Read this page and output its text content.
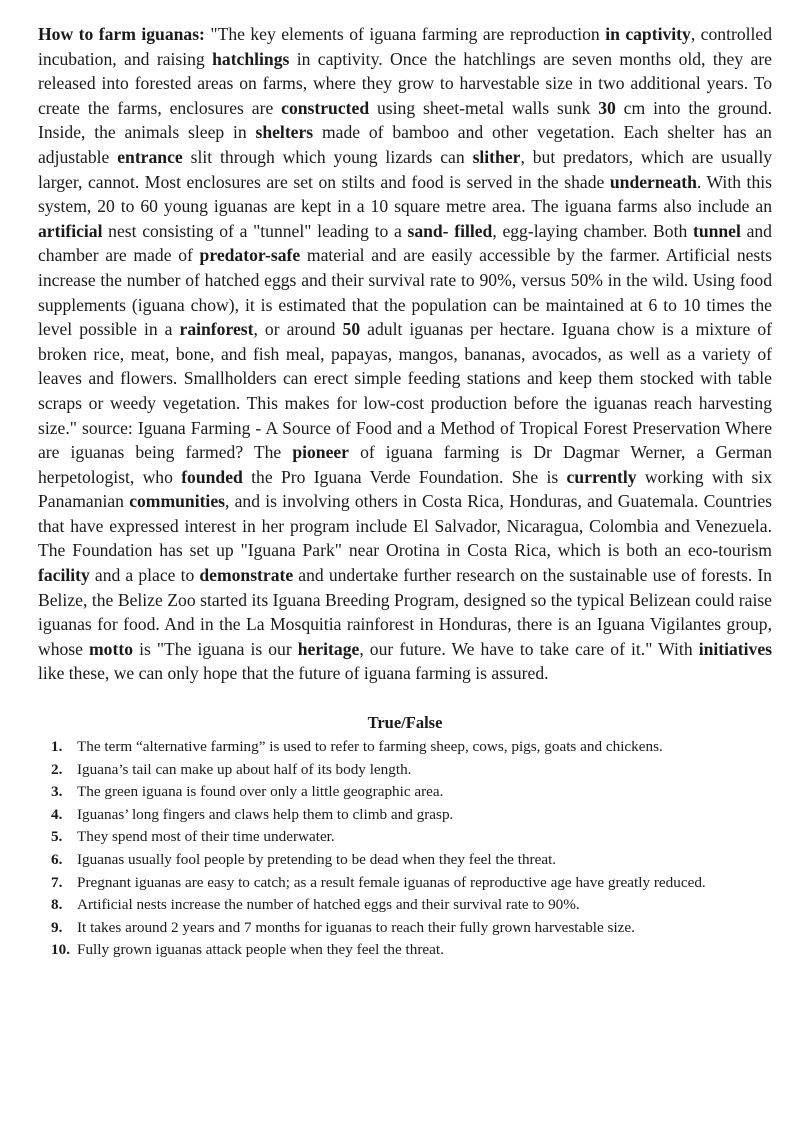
How to farm iguanas: "The key elements of iguana farming are reproduction in captivity, controlled incubation, and raising hatchlings in captivity. Once the hatchlings are seven months old, they are released into forested areas on farms, where they grow to harvestable size in two additional years. To create the farms, enclosures are constructed using sheet-metal walls sunk 30 cm into the ground. Inside, the animals sleep in shelters made of bamboo and other vegetation. Each shelter has an adjustable entrance slit through which young lizards can slither, but predators, which are usually larger, cannot. Most enclosures are set on stilts and food is served in the shade underneath. With this system, 20 to 60 young iguanas are kept in a 10 square metre area. The iguana farms also include an artificial nest consisting of a "tunnel" leading to a sand- filled, egg-laying chamber. Both tunnel and chamber are made of predator-safe material and are easily accessible by the farmer. Artificial nests increase the number of hatched eggs and their survival rate to 90%, versus 50% in the wild. Using food supplements (iguana chow), it is estimated that the population can be maintained at 6 to 10 times the level possible in a rainforest, or around 50 adult iguanas per hectare. Iguana chow is a mixture of broken rice, meat, bone, and fish meal, papayas, mangos, bananas, avocados, as well as a variety of leaves and flowers. Smallholders can erect simple feeding stations and keep them stocked with table scraps or weedy vegetation. This makes for low-cost production before the iguanas reach harvesting size." source: Iguana Farming - A Source of Food and a Method of Tropical Forest Preservation Where are iguanas being farmed? The pioneer of iguana farming is Dr Dagmar Werner, a German herpetologist, who founded the Pro Iguana Verde Foundation. She is currently working with six Panamanian communities, and is involving others in Costa Rica, Honduras, and Guatemala. Countries that have expressed interest in her program include El Salvador, Nicaragua, Colombia and Venezuela. The Foundation has set up "Iguana Park" near Orotina in Costa Rica, which is both an eco-tourism facility and a place to demonstrate and undertake further research on the sustainable use of forests. In Belize, the Belize Zoo started its Iguana Breeding Program, designed so the typical Belizean could raise iguanas for food. And in the La Mosquitia rainforest in Honduras, there is an Iguana Vigilantes group, whose motto is "The iguana is our heritage, our future. We have to take care of it." With initiatives like these, we can only hope that the future of iguana farming is assured.

True/False
1. The term “alternative farming” is used to refer to farming sheep, cows, pigs, goats and chickens.
2. Iguana’s tail can make up about half of its body length.
3. The green iguana is found over only a little geographic area.
4. Iguanas’ long fingers and claws help them to climb and grasp.
5. They spend most of their time underwater.
6. Iguanas usually fool people by pretending to be dead when they feel the threat.
7. Pregnant iguanas are easy to catch; as a result female iguanas of reproductive age have greatly reduced.
8. Artificial nests increase the number of hatched eggs and their survival rate to 90%.
9. It takes around 2 years and 7 months for iguanas to reach their fully grown harvestable size.
10. Fully grown iguanas attack people when they feel the threat.
